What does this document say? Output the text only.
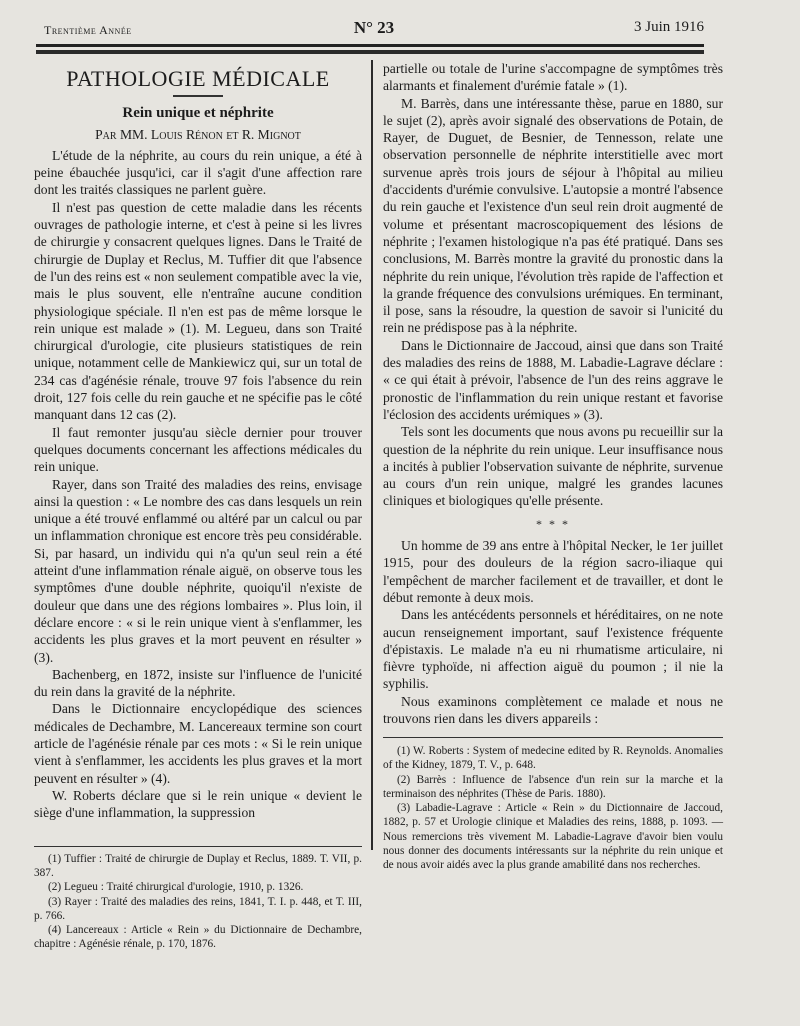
Trentième Année	N° 23	3 Juin 1916
PATHOLOGIE MÉDICALE
Rein unique et néphrite
Par MM. Louis Rénon et R. Mignot

L'étude de la néphrite, au cours du rein unique, a été à peine ébauchée jusqu'ici, car il s'agit d'une affection rare dont les traités classiques ne parlent guère.

Il n'est pas question de cette maladie dans les récents ouvrages de pathologie interne, et c'est à peine si les livres de chirurgie y consacrent quelques lignes. Dans le Traité de chirurgie de Duplay et Reclus, M. Tuffier dit que l'absence de l'un des reins est « non seulement compatible avec la vie, mais le plus souvent, elle n'entraîne aucune condition physiologique spéciale. Il n'en est pas de même lorsque le rein unique est malade » (1). M. Legueu, dans son Traité chirurgical d'urologie, cite plusieurs statistiques de rein unique, notamment celle de Mankiewicz qui, sur un total de 234 cas d'agénésie rénale, trouve 97 fois l'absence du rein droit, 127 fois celle du rein gauche et ne spécifie pas le côté manquant dans 12 cas (2).

Il faut remonter jusqu'au siècle dernier pour trouver quelques documents concernant les affections médicales du rein unique.

Rayer, dans son Traité des maladies des reins, envisage ainsi la question : « Le nombre des cas dans lesquels un rein unique a été trouvé enflammé ou altéré par un calcul ou par un inflammation chronique est encore très peu considérable. Si, par hasard, un individu qui n'a qu'un seul rein a été atteint d'une inflammation rénale aiguë, on observe tous les symptômes d'une double néphrite, quoiqu'il n'existe de douleur que dans une des régions lombaires ». Plus loin, il déclare encore : « si le rein unique vient à s'enflammer, les accidents les plus graves et la mort peuvent en résulter » (3).

Bachenberg, en 1872, insiste sur l'influence de l'unicité du rein dans la gravité de la néphrite.

Dans le Dictionnaire encyclopédique des sciences médicales de Dechambre, M. Lancereaux termine son court article de l'agénésie rénale par ces mots : « Si le rein unique vient à s'enflammer, les accidents les plus graves et la mort peuvent en résulter » (4).

W. Roberts déclare que si le rein unique « devient le siège d'une inflammation, la suppression

(1) Tuffier : Traité de chirurgie de Duplay et Reclus, 1889. T. VII, p. 387.

(2) Legueu : Traité chirurgical d'urologie, 1910, p. 1326.

(3) Rayer : Traité des maladies des reins, 1841, T. I. p. 448, et T. III, p. 766.

(4) Lancereaux : Article « Rein » du Dictionnaire de Dechambre, chapitre : Agénésie rénale, p. 170, 1876.

partielle ou totale de l'urine s'accompagne de symptômes très alarmants et finalement d'urémie fatale » (1).

M. Barrès, dans une intéressante thèse, parue en 1880, sur le sujet (2), après avoir signalé des observations de Potain, de Rayer, de Duguet, de Besnier, de Tennesson, relate une observation personnelle de néphrite interstitielle avec mort survenue après trois jours de séjour à l'hôpital au milieu d'accidents d'urémie convulsive. L'autopsie a montré l'absence du rein gauche et l'existence d'un seul rein droit augmenté de volume et présentant macroscopiquement des lésions de néphrite ; l'examen histologique n'a pas été pratiqué. Dans ses conclusions, M. Barrès montre la gravité du pronostic dans la néphrite du rein unique, l'évolution très rapide de l'affection et la grande fréquence des convulsions urémiques. En terminant, il pose, sans la résoudre, la question de savoir si l'unicité du rein ne prédispose pas à la néphrite.

Dans le Dictionnaire de Jaccoud, ainsi que dans son Traité des maladies des reins de 1888, M. Labadie-Lagrave déclare : « ce qui était à prévoir, l'absence de l'un des reins aggrave le pronostic de l'inflammation du rein unique restant et favorise l'éclosion des accidents urémiques » (3).

Tels sont les documents que nous avons pu recueillir sur la question de la néphrite du rein unique. Leur insuffisance nous a incités à publier l'observation suivante de néphrite, survenue au cours d'un rein unique, malgré les grandes lacunes cliniques et biologiques qu'elle présente.

* * *

Un homme de 39 ans entre à l'hôpital Necker, le 1er juillet 1915, pour des douleurs de la région sacro-iliaque qui l'empêchent de marcher facilement et de travailler, et dont le début remonte à deux mois.

Dans les antécédents personnels et héréditaires, on ne note aucun renseignement important, sauf l'existence fréquente d'épistaxis. Le malade n'a eu ni rhumatisme articulaire, ni fièvre typhoïde, ni affection aiguë du poumon ; il nie la syphilis.

Nous examinons complètement ce malade et nous ne trouvons rien dans les divers appareils :

(1) W. Roberts : System of medecine edited by R. Reynolds. Anomalies of the Kidney, 1879, T. V., p. 648.

(2) Barrès : Influence de l'absence d'un rein sur la marche et la terminaison des néphrites (Thèse de Paris. 1880).

(3) Labadie-Lagrave : Article « Rein » du Dictionnaire de Jaccoud, 1882, p. 57 et Urologie clinique et Maladies des reins, 1888, p. 1093. — Nous remercions très vivement M. Labadie-Lagrave d'avoir bien voulu nous donner des documents intéressants sur la néphrite du rein unique et de nous avoir aidés avec la plus grande amabilité dans nos recherches.
